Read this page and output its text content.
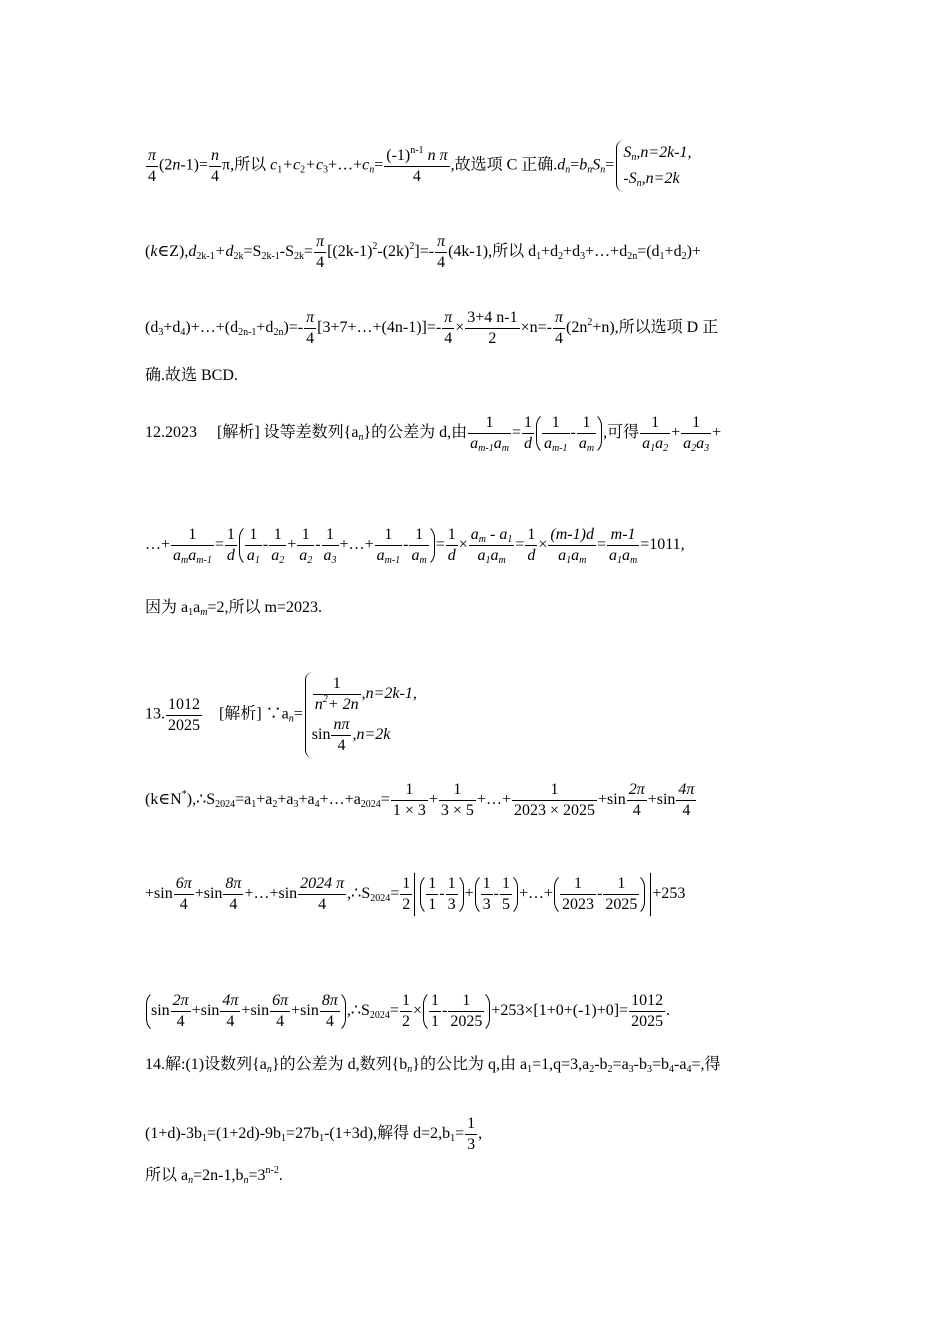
$\frac{\pi}{4} (2n-1)= \frac{n}{4} \pi$,所以 $c_1+c_2+c_3+\dots+c_n= \frac{(-1)^{n-1} n \pi}{4}$ ,故选项 C 正确$.d_n=b_nS_n=$
$S_n,n=2k-1$,
$-S_n,n=2k$
$(k\in Z),d_{2k-1}+d_{2k}=S_{2k-1}-S_{2k}= \frac{\pi}{4} [(2k-1)^2-(2k)^2]=- \frac{\pi}{4} (4k-1)$,所以 $d_1+d_2+d_3+\dots+d_{2n}=(d_1+d_2)+$
$(d_3+d_4)+\dots+(d_{2n-1}+d_{2n})=- \frac{\pi}{4}$ [3+7+…+(4n-1)]=- $\frac{\pi}{4} \times \frac{3+4 n-1}{2} \times n=- \frac{\pi}{4} (2n^2+n)$,所以选项 D 正
确.故选 BCD.
12.2023 　[解析] 设等差数列$\{a_n\}$的公差为 d,由 $\frac{1}{a_{m-1}a_m} = \frac{1}{d} \frac{1}{a_{m-1}} - \frac{1}{a_m}$ ,可得 $\frac{1}{a_1a_2} + \frac{1}{a_2a_3}$ +
…+ $\frac{1}{a_ma_{m-1}} = \frac{1}{d} \frac{1}{a_1} - \frac{1}{a_2} + \frac{1}{a_2} - \frac{1}{a_3}$ +…+ $\frac{1}{a_{m-1}} - \frac{1}{a_m} = \frac{1}{d} \times \frac{a_m - a_1}{a_1a_m} = \frac{1}{d} \times \frac{(m-1)d}{a_1a_m} = \frac{m-1}{a_1a_m} =1011$,
因为 $a_1a_m=2$,所以 m=2023.
13. $\frac{1012}{2025}$ 　[解析] $\because a_n= \frac{1}{n^2+ 2n} ,n=2k-1$,
$\sin \frac{n\pi}{4} ,n=2k$
$(k\in N^*),\therefore S_{2024}=a_1+a_2+a_3+a_4+\dots+a_{2024}= \frac{1}{1 \times 3} + \frac{1}{3 \times 5}$ +…+ $\frac{1}{2023 \times 2025} +\sin \frac{2\pi}{4} +\sin \frac{4\pi}{4}$
$+\sin \frac{6\pi}{4} +\sin \frac{8\pi}{4}$ +…+sin $\frac{2024 \pi}{4}$ $,\therefore S_{2024}= \frac{1}{2} \frac{1}{1} - \frac{1}{3} + \frac{1}{3} - \frac{1}{5}$ +…+ $\frac{1}{2023} - \frac{1}{2025} +253$
$\sin \frac{2\pi}{4} +\sin \frac{4\pi}{4} +\sin \frac{6\pi}{4} +\sin \frac{8\pi}{4}$ $,\therefore S_{2024}= \frac{1}{2} \times \frac{1}{1} - \frac{1}{2025} +253\times[1+0+(-1)+0]= \frac{1012}{2025}$ .
14.解:(1)设数列$\{a_n\}$的公差为 d,数列$\{b_n\}$的公比为 q,由 $a_1=1,q=3,a_2-b_2=a_3-b_3=b_4-a_4=$,得
$(1+d)-3b_1=(1+2d)-9b_1=27b_1-(1+3d)$,解得 $d=2,b_1= \frac{1}{3}$ ,
所以 $a_n=2n-1,b_n=3^{n-2}$.
